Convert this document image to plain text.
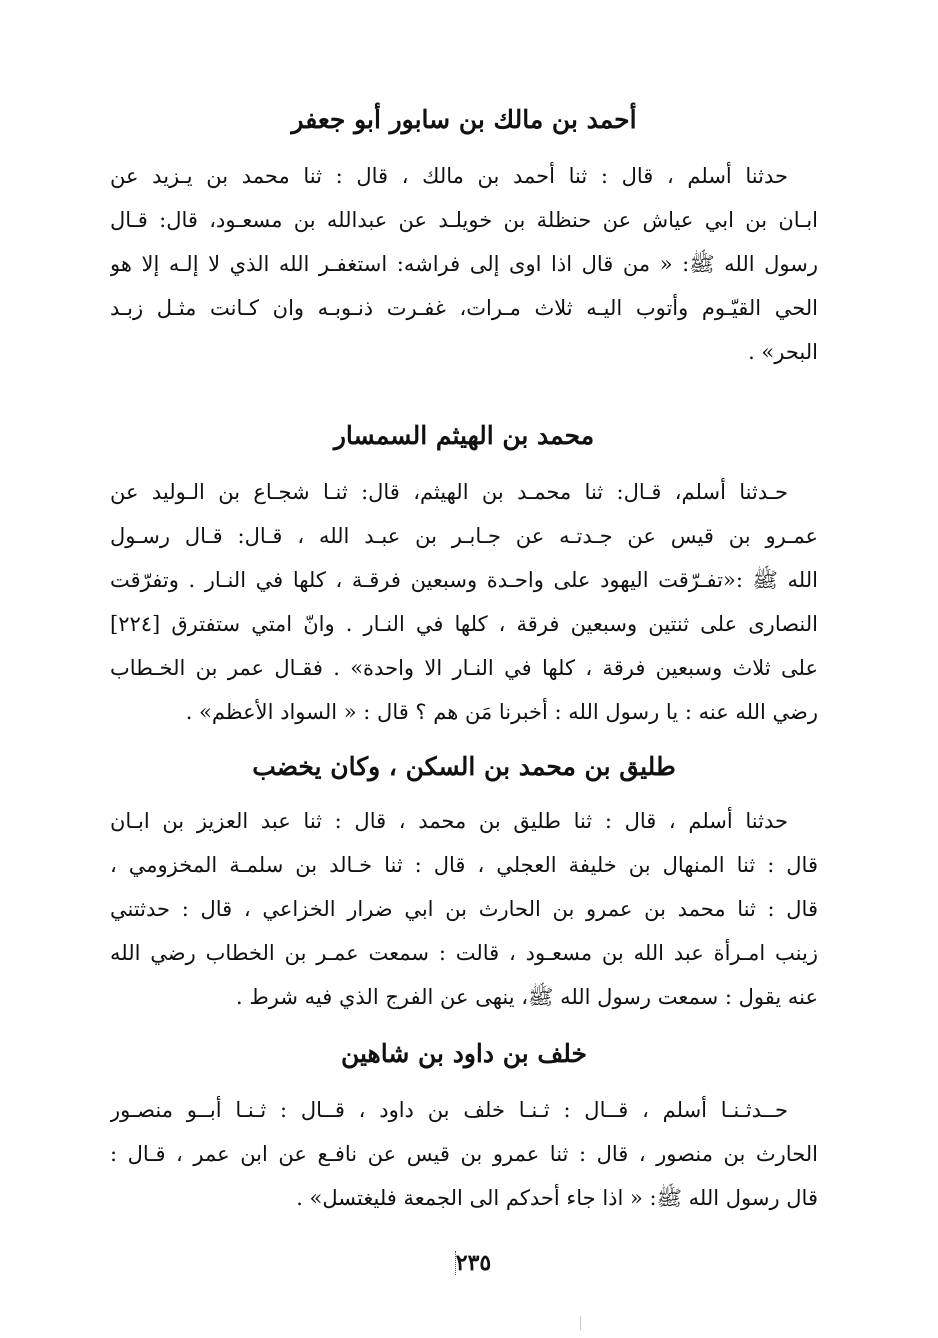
أحمد بن مالك بن سابور أبو جعفر
حدثنا أسلم ، قال : ثنا أحمد بن مالك ، قال : ثنا محمد بن يـزيد عن
ابـان بن ابي عياش عن حنظلة بن خويلـد عن عبدالله بن مسعـود، قال: قـال
رسول الله ﷺ: « من قال اذا اوى إلى فراشه: استغفـر الله الذي لا إلـه إلا هو
الحي القيّـوم وأتوب اليـه ثلاث مـرات، غفـرت ذنـوبـه وان كـانت مثـل زبـد
البحر» .
محمد بن الهيثم السمسار
حـدثنا أسلم، قـال: ثنا محمـد بن الهيثم، قال: ثنـا شجـاع بن الـوليد عن
عمـرو بن قيس عن جـدتـه عن جـابـر بن عبـد الله ، قـال: قـال رسـول
الله ﷺ :«تفـرّقت اليهود على واحـدة وسبعين فرقـة ، كلها في النـار . وتفرّقت
النصارى على ثنتين وسبعين فرقة ، كلها في النـار . وانّ امتي ستفترق [٢٢٤]
على ثلاث وسبعين فرقة ، كلها في النـار الا واحدة» . فقـال عمر بن الخـطاب
رضي الله عنه : يا رسول الله : أخبرنا مَن هم ؟ قال : « السواد الأعظم» .
طليق بن محمد بن السكن ، وكان يخضب
حدثنا أسلم ، قال : ثنا طليق بن محمد ، قال : ثنا عبد العزيز بن ابـان
قال : ثنا المنهال بن خليفة العجلي ، قال : ثنا خـالد بن سلمـة المخزومي ،
قال : ثنا محمد بن عمرو بن الحارث بن ابي ضرار الخزاعي ، قال : حدثتني
زينب امـرأة عبد الله بن مسعـود ، قالت : سمعت عمـر بن الخطاب رضي الله
عنه يقول : سمعت رسول الله ﷺ، ينهى عن الفرج الذي فيه شرط .
خلف بن داود بن شاهين
حــدثـنـا أسلم ، قــال : ثـنـا خلف بن داود ، قــال : ثـنـا أبــو منصـور
الحارث بن منصور ، قال : ثنا عمرو بن قيس عن نافـع عن ابن عمر ، قـال :
قال رسول الله ﷺ: « اذا جاء أحدكم الى الجمعة فليغتسل» .
٢٣٥
